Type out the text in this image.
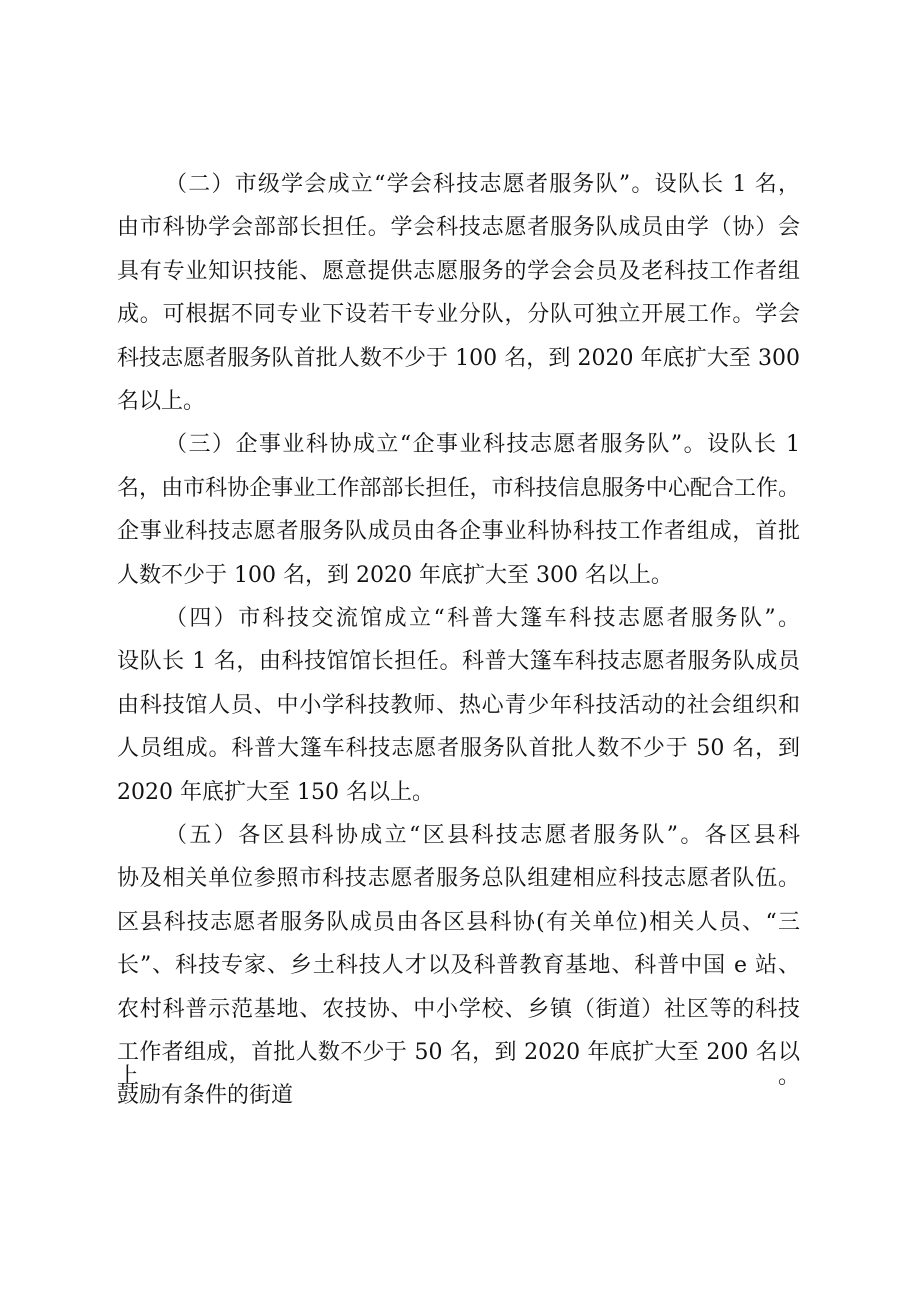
（二）市级学会成立“学会科技志愿者服务队”。设队长 1 名，
由市科协学会部部长担任。学会科技志愿者服务队成员由学（协）会
具有专业知识技能、愿意提供志愿服务的学会会员及老科技工作者组
成。可根据不同专业下设若干专业分队，分队可独立开展工作。学会
科技志愿者服务队首批人数不少于 100 名，到 2020 年底扩大至 300
名以上。
（三）企事业科协成立“企事业科技志愿者服务队”。设队长 1
名，由市科协企事业工作部部长担任，市科技信息服务中心配合工作。
企事业科技志愿者服务队成员由各企事业科协科技工作者组成，首批
人数不少于 100 名，到 2020 年底扩大至 300 名以上。
（四）市科技交流馆成立“科普大篷车科技志愿者服务队”。
设队长 1 名，由科技馆馆长担任。科普大篷车科技志愿者服务队成员
由科技馆人员、中小学科技教师、热心青少年科技活动的社会组织和
人员组成。科普大篷车科技志愿者服务队首批人数不少于 50 名，到
2020 年底扩大至 150 名以上。
（五）各区县科协成立“区县科技志愿者服务队”。各区县科
协及相关单位参照市科技志愿者服务总队组建相应科技志愿者队伍。
区县科技志愿者服务队成员由各区县科协(有关单位)相关人员、“三
长”、科技专家、乡土科技人才以及科普教育基地、科普中国 e 站、
农村科普示范基地、农技协、中小学校、乡镇（街道）社区等的科技
工作者组成，首批人数不少于 50 名，到 2020 年底扩大至 200 名以上。
鼓励有条件的街道
